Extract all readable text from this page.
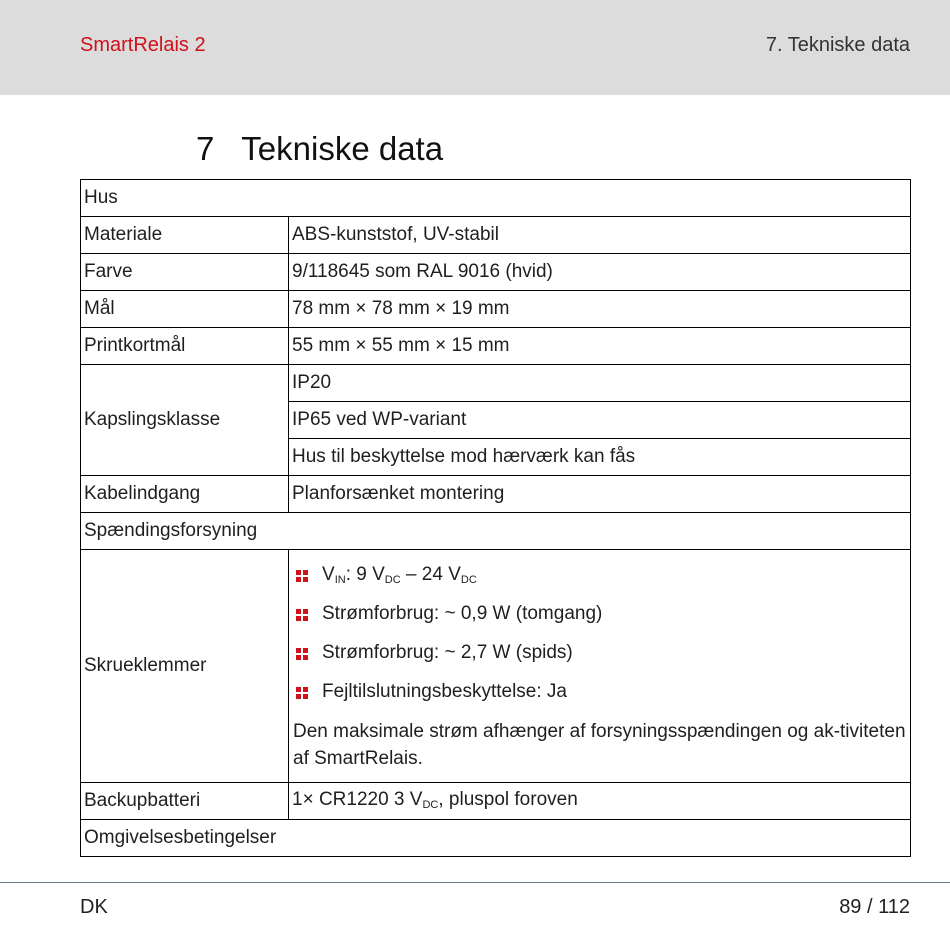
SmartRelais 2	7. Tekniske data
7 Tekniske data
Hus	
Materiale	ABS-kunststof, UV-stabil
Farve	9/118645 som RAL 9016 (hvid)
Mål	78 mm × 78 mm × 19 mm
Printkortmål	55 mm × 55 mm × 15 mm
Kapslingsklasse	IP20
	IP65 ved WP-variant
	Hus til beskyttelse mod hærværk kan fås
Kabelindgang	Planforsænket montering
Spændingsforsyning	
Skrueklemmer	$V_{IN}$: 9 $V_{DC} - 24$ $V_{DC}$
Strømforbrug: ~ 0,9 W (tomgang)
Strømforbrug: ~ 2,7 W (spids)
Fejltilslutningsbeskyttelse: Ja
Den maksimale strøm afhænger af forsyningsspændingen og ak-tiviteten af SmartRelais.

Backupbatteri	1× CR1220 3 $V_{DC}$, pluspol foroven
Omgivelsesbetingelser	
DK	89 / 112
